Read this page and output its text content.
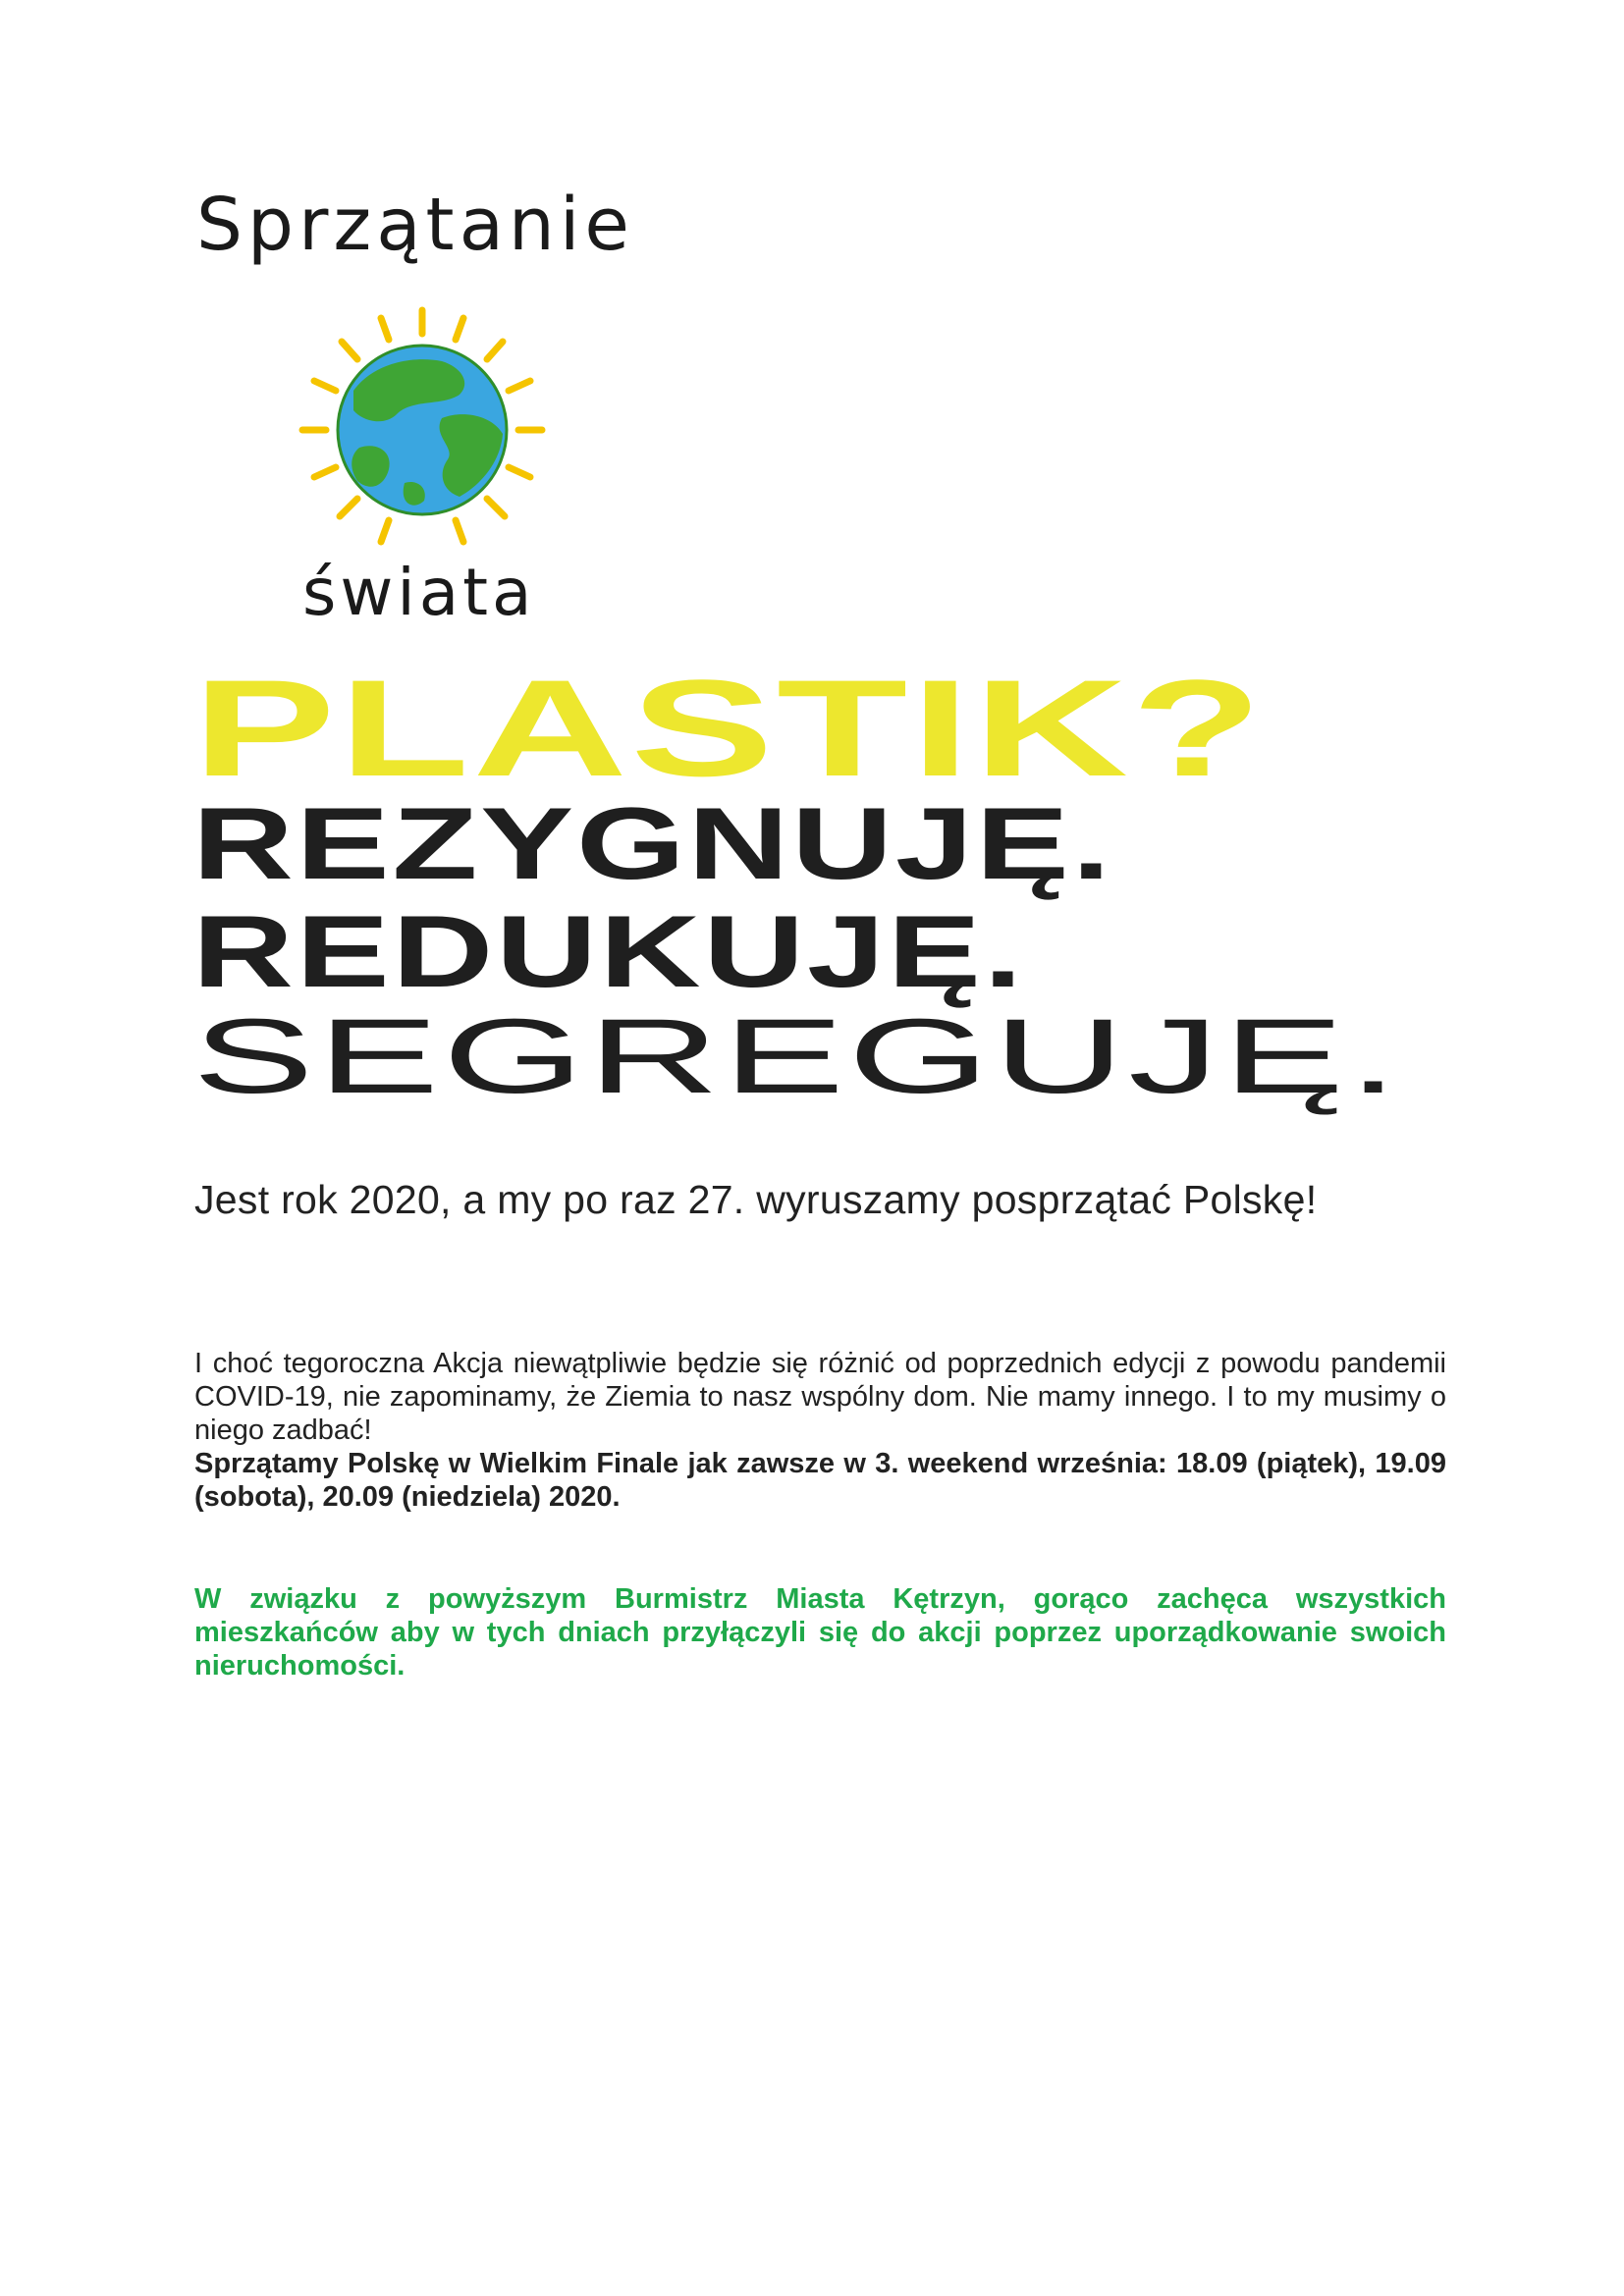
Sprzątanie
świata
PLASTIK?
REZYGNUJĘ.
REDUKUJĘ.
SEGREGUJĘ.

Jest rok 2020, a my po raz 27. wyruszamy posprzątać Polskę!

I choć tegoroczna Akcja niewątpliwie będzie się różnić od poprzednich edycji z powodu pandemii COVID-19, nie zapominamy, że Ziemia to nasz wspólny dom. Nie mamy innego. I to my musimy o niego zadbać!
Sprzątamy Polskę w Wielkim Finale jak zawsze w 3. weekend września: 18.09 (piątek), 19.09 (sobota), 20.09 (niedziela) 2020.

W związku z powyższym Burmistrz Miasta Kętrzyn, gorąco zachęca wszystkich mieszkańców aby w tych dniach przyłączyli się do akcji poprzez uporządkowanie swoich nieruchomości.
